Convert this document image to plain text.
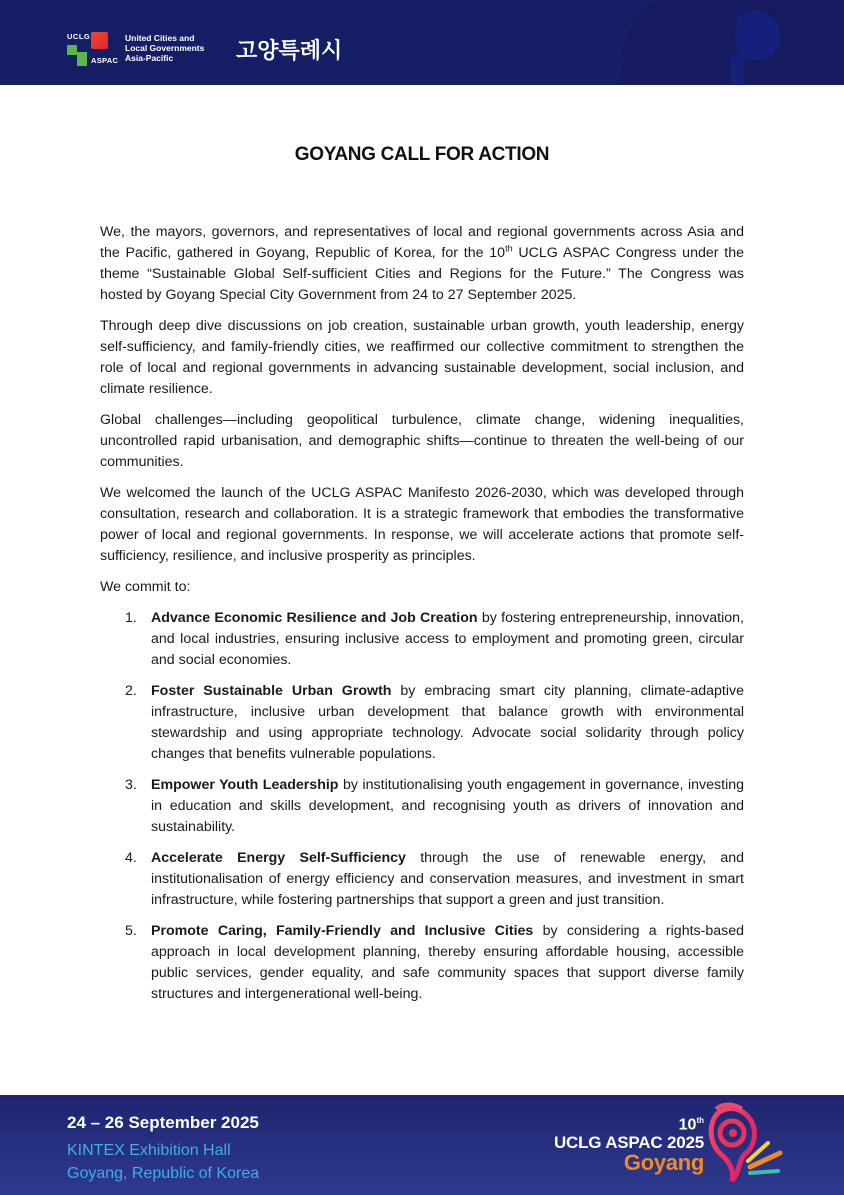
UCLG
ASPAC
United Cities and
Local Governments
Asia-Pacific	고양특례시
GOYANG CALL FOR ACTION

We, the mayors, governors, and representatives of local and regional governments across Asia and the Pacific, gathered in Goyang, Republic of Korea, for the 10th UCLG ASPAC Congress under the theme “Sustainable Global Self-sufficient Cities and Regions for the Future.” The Congress was hosted by Goyang Special City Government from 24 to 27 September 2025.

Through deep dive discussions on job creation, sustainable urban growth, youth leadership, energy self-sufficiency, and family-friendly cities, we reaffirmed our collective commitment to strengthen the role of local and regional governments in advancing sustainable development, social inclusion, and climate resilience.

Global challenges—including geopolitical turbulence, climate change, widening inequalities, uncontrolled rapid urbanisation, and demographic shifts—continue to threaten the well-being of our communities.

We welcomed the launch of the UCLG ASPAC Manifesto 2026-2030, which was developed through consultation, research and collaboration. It is a strategic framework that embodies the transformative power of local and regional governments. In response, we will accelerate actions that promote self-sufficiency, resilience, and inclusive prosperity as principles.

We commit to:

1. Advance Economic Resilience and Job Creation by fostering entrepreneurship, innovation, and local industries, ensuring inclusive access to employment and promoting green, circular and social economies.
2. Foster Sustainable Urban Growth by embracing smart city planning, climate-adaptive infrastructure, inclusive urban development that balance growth with environmental stewardship and using appropriate technology. Advocate social solidarity through policy changes that benefits vulnerable populations.
3. Empower Youth Leadership by institutionalising youth engagement in governance, investing in education and skills development, and recognising youth as drivers of innovation and sustainability.
4. Accelerate Energy Self-Sufficiency through the use of renewable energy, and institutionalisation of energy efficiency and conservation measures, and investment in smart infrastructure, while fostering partnerships that support a green and just transition.
5. Promote Caring, Family-Friendly and Inclusive Cities by considering a rights-based approach in local development planning, thereby ensuring affordable housing, accessible public services, gender equality, and safe community spaces that support diverse family structures and intergenerational well-being.
24 – 26 September 2025
KINTEX Exhibition Hall
Goyang, Republic of Korea
10th
UCLG ASPAC 2025
Goyang
